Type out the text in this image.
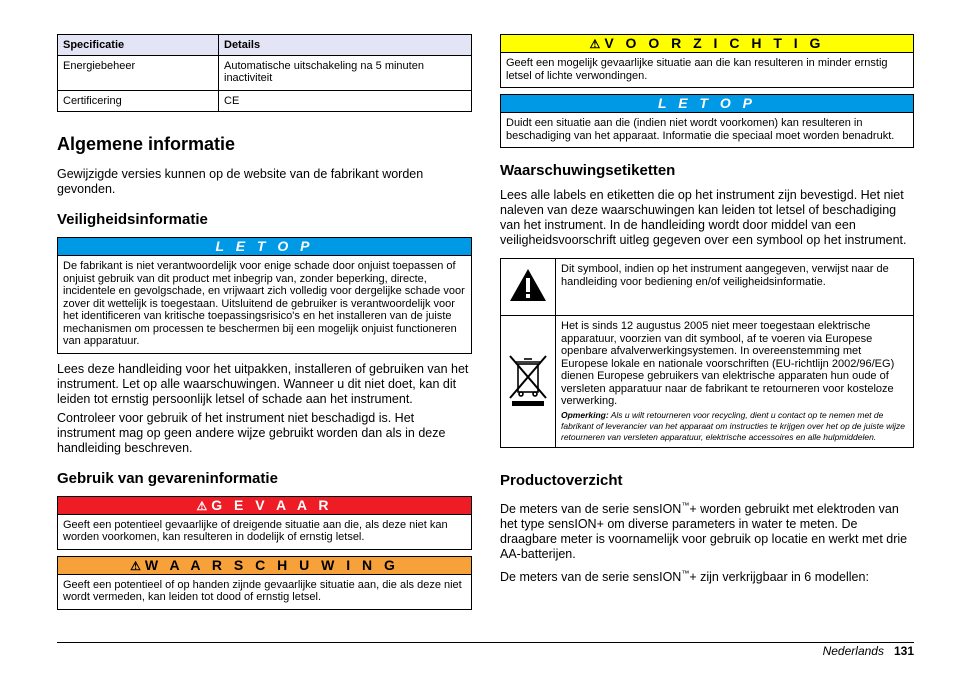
Specificatie	Details
Energiebeheer	Automatische uitschakeling na 5 minuten inactiviteit
Certificering	CE
Algemene informatie

Gewijzigde versies kunnen op de website van de fabrikant worden gevonden.

Veiligheidsinformatie
L E T O P
De fabrikant is niet verantwoordelijk voor enige schade door onjuist toepassen of onjuist gebruik van dit product met inbegrip van, zonder beperking, directe, incidentele en gevolgschade, en vrijwaart zich volledig voor dergelijke schade voor zover dit wettelijk is toegestaan. Uitsluitend de gebruiker is verantwoordelijk voor het identificeren van kritische toepassingsrisico's en het installeren van de juiste mechanismen om processen te beschermen bij een mogelijk onjuist functioneren van apparatuur.

Lees deze handleiding voor het uitpakken, installeren of gebruiken van het instrument. Let op alle waarschuwingen. Wanneer u dit niet doet, kan dit leiden tot ernstig persoonlijk letsel of schade aan het instrument.

Controleer voor gebruik of het instrument niet beschadigd is. Het instrument mag op geen andere wijze gebruikt worden dan als in deze handleiding beschreven.

Gebruik van gevareninformatie
⚠ G E V A A R
Geeft een potentieel gevaarlijke of dreigende situatie aan die, als deze niet kan worden voorkomen, kan resulteren in dodelijk of ernstig letsel.
⚠ W A A R S C H U W I N G
Geeft een potentieel of op handen zijnde gevaarlijke situatie aan, die als deze niet wordt vermeden, kan leiden tot dood of ernstig letsel.
⚠ V O O R Z I C H T I G
Geeft een mogelijk gevaarlijke situatie aan die kan resulteren in minder ernstig letsel of lichte verwondingen.
L E T O P
Duidt een situatie aan die (indien niet wordt voorkomen) kan resulteren in beschadiging van het apparaat. Informatie die speciaal moet worden benadrukt.
Waarschuwingsetiketten

Lees alle labels en etiketten die op het instrument zijn bevestigd. Het niet naleven van deze waarschuwingen kan leiden tot letsel of beschadiging van het instrument. In de handleiding wordt door middel van een veiligheidsvoorschrift uitleg gegeven over een symbool op het instrument.

	Dit symbool, indien op het instrument aangegeven, verwijst naar de handleiding voor bediening en/of veiligheidsinformatie.

Het is sinds 12 augustus 2005 niet meer toegestaan elektrische apparatuur, voorzien van dit symbool, af te voeren via Europese openbare afvalverwerkingsystemen. In overeenstemming met Europese lokale en nationale voorschriften (EU-richtlijn 2002/96/EG) dienen Europese gebruikers van elektrische apparaten hun oude of versleten apparatuur naar de fabrikant te retourneren voor kosteloze verwerking.
Opmerking: Als u wilt retourneren voor recycling, dient u contact op te nemen met de fabrikant of leverancier van het apparaat om instructies te krijgen over het op de juiste wijze retourneren van versleten apparatuur, elektrische accessoires en alle hulpmiddelen.
Productoverzicht

De meters van de serie sensION™+ worden gebruikt met elektroden van het type sensION+ om diverse parameters in water te meten. De draagbare meter is voornamelijk voor gebruik op locatie en werkt met drie AA-batterijen.

De meters van de serie sensION™+ zijn verkrijgbaar in 6 modellen:

Nederlands 131
